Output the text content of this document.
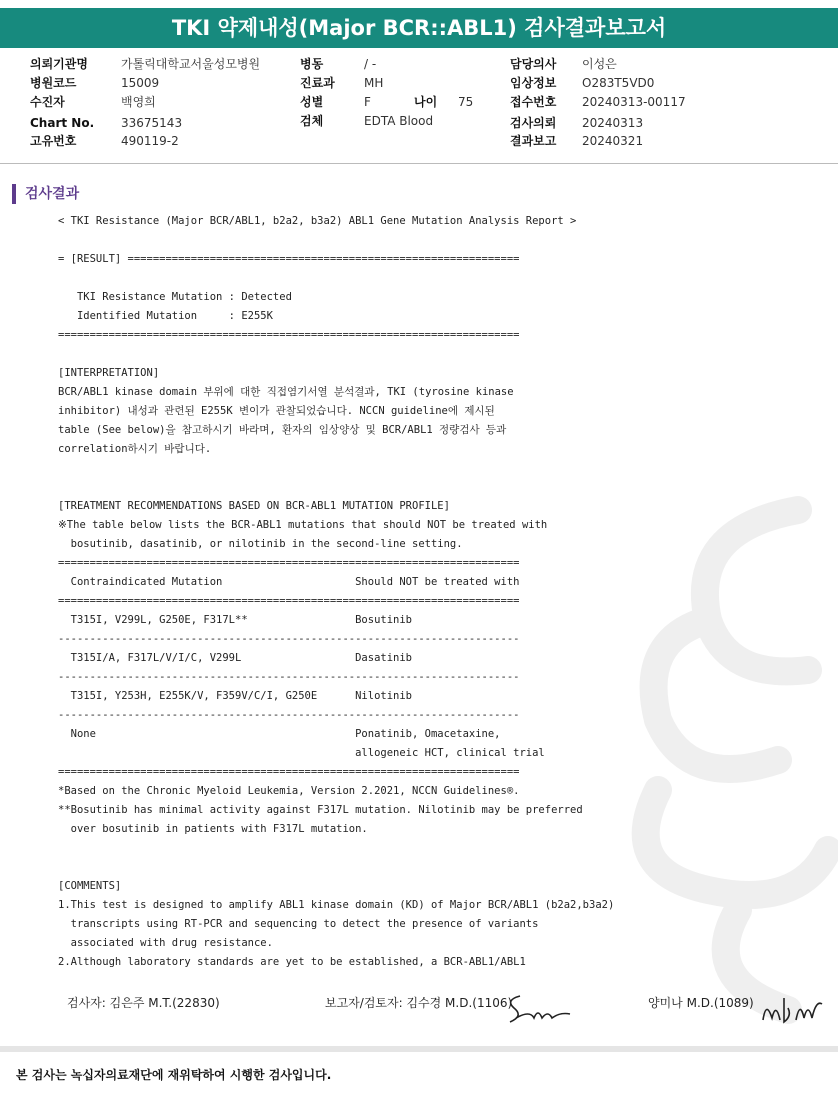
TKI 약제내성(Major BCR::ABL1) 검사결과보고서
의뢰기관명	가톨릭대학교서울성모병원
병원코드	15009
수진자	백영희
Chart No. 33675143
고유번호	490119-2
병동	/ -
진료과 MH
성별	F	나이 75
검체	EDTA Blood
담당의사 이성은
임상정보 O283T5VD0
접수번호 20240313-00117
검사의뢰 20240313
결과보고 20240321
검사결과
< TKI Resistance (Major BCR/ABL1, b2a2, b3a2) ABL1 Gene Mutation Analysis Report >

= [RESULT] ==============================================================

TKI Resistance Mutation : Detected
Identified Mutation     : E255K
=========================================================================

[INTERPRETATION]
BCR/ABL1 kinase domain 부위에 대한 직접염기서열 분석결과, TKI (tyrosine kinase
inhibitor) 내성과 관련된 E255K 변이가 관찰되었습니다. NCCN guideline에 제시된
table (See below)을 참고하시기 바라며, 환자의 임상양상 및 BCR/ABL1 정량검사 등과
correlation하시기 바랍니다.

[TREATMENT RECOMMENDATIONS BASED ON BCR-ABL1 MUTATION PROFILE]
※The table below lists the BCR-ABL1 mutations that should NOT be treated with
bosutinib, dasatinib, or nilotinib in the second-line setting.
=========================================================================
Contraindicated Mutation                     Should NOT be treated with
=========================================================================
T315I, V299L, G250E, F317L**                 Bosutinib
-------------------------------------------------------------------------
T315I/A, F317L/V/I/C, V299L                  Dasatinib
-------------------------------------------------------------------------
T315I, Y253H, E255K/V, F359V/C/I, G250E      Nilotinib
-------------------------------------------------------------------------
None                                         Ponatinib, Omacetaxine,
allogeneic HCT, clinical trial
=========================================================================
*Based on the Chronic Myeloid Leukemia, Version 2.2021, NCCN Guidelines®.
**Bosutinib has minimal activity against F317L mutation. Nilotinib may be preferred
over bosutinib in patients with F317L mutation.

[COMMENTS]
1.This test is designed to amplify ABL1 kinase domain (KD) of Major BCR/ABL1 (b2a2,b3a2)
transcripts using RT-PCR and sequencing to detect the presence of variants
associated with drug resistance.
2.Although laboratory standards are yet to be established, a BCR-ABL1/ABL1
검사자: 김은주 M.T.(22830)	보고자/검토자: 김수경 M.D.(1106)	양미나 M.D.(1089)
본 검사는 녹십자의료재단에 재위탁하여 시행한 검사입니다.
